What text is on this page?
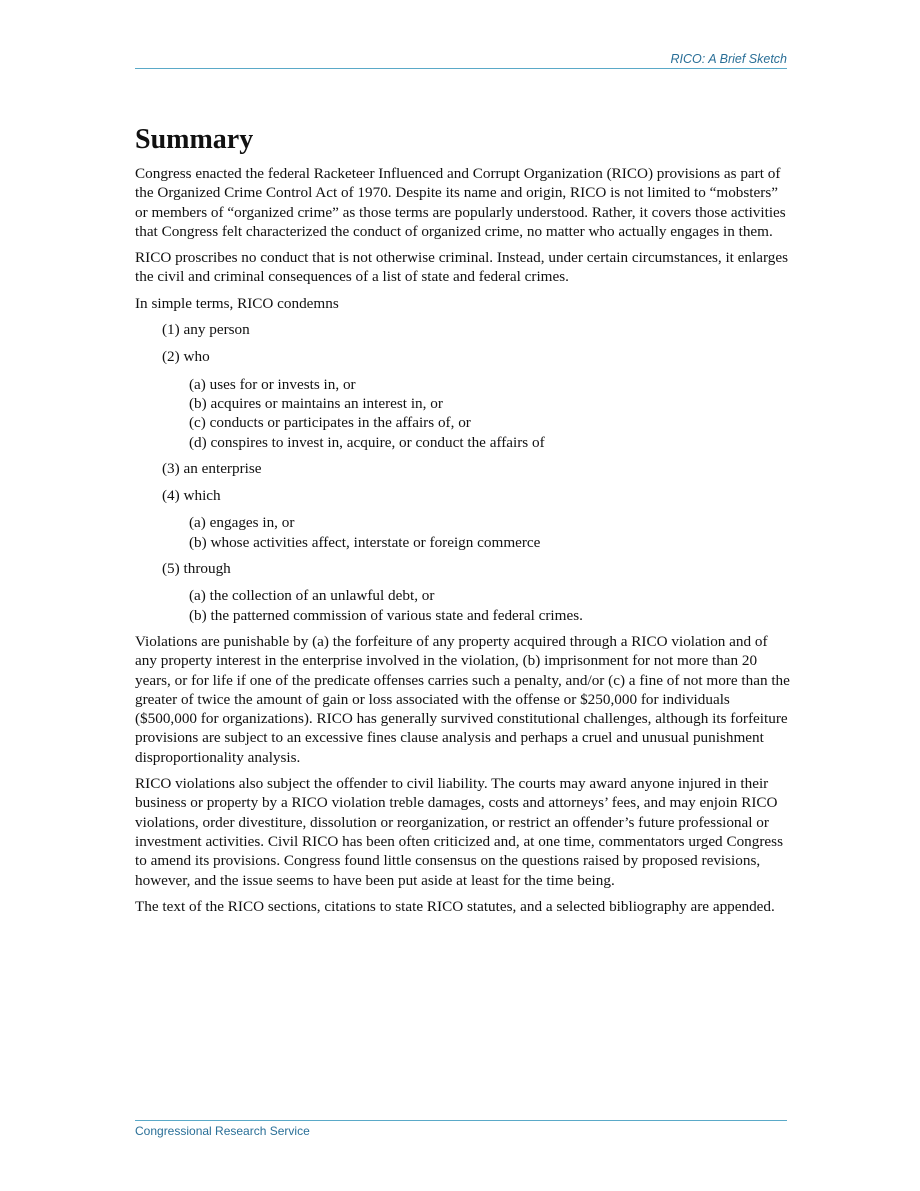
RICO: A Brief Sketch
Summary

Congress enacted the federal Racketeer Influenced and Corrupt Organization (RICO) provisions as part of the Organized Crime Control Act of 1970. Despite its name and origin, RICO is not limited to “mobsters” or members of “organized crime” as those terms are popularly understood. Rather, it covers those activities that Congress felt characterized the conduct of organized crime, no matter who actually engages in them.

RICO proscribes no conduct that is not otherwise criminal. Instead, under certain circumstances, it enlarges the civil and criminal consequences of a list of state and federal crimes.

In simple terms, RICO condemns

(1) any person

(2) who

(a) uses for or invests in, or
(b) acquires or maintains an interest in, or
(c) conducts or participates in the affairs of, or
(d) conspires to invest in, acquire, or conduct the affairs of

(3) an enterprise

(4) which

(a) engages in, or
(b) whose activities affect, interstate or foreign commerce

(5) through

(a) the collection of an unlawful debt, or
(b) the patterned commission of various state and federal crimes.

Violations are punishable by (a) the forfeiture of any property acquired through a RICO violation and of any property interest in the enterprise involved in the violation, (b) imprisonment for not more than 20 years, or for life if one of the predicate offenses carries such a penalty, and/or (c) a fine of not more than the greater of twice the amount of gain or loss associated with the offense or $250,000 for individuals ($500,000 for organizations). RICO has generally survived constitutional challenges, although its forfeiture provisions are subject to an excessive fines clause analysis and perhaps a cruel and unusual punishment disproportionality analysis.

RICO violations also subject the offender to civil liability. The courts may award anyone injured in their business or property by a RICO violation treble damages, costs and attorneys’ fees, and may enjoin RICO violations, order divestiture, dissolution or reorganization, or restrict an offender’s future professional or investment activities. Civil RICO has been often criticized and, at one time, commentators urged Congress to amend its provisions. Congress found little consensus on the questions raised by proposed revisions, however, and the issue seems to have been put aside at least for the time being.

The text of the RICO sections, citations to state RICO statutes, and a selected bibliography are appended.

Congressional Research Service
